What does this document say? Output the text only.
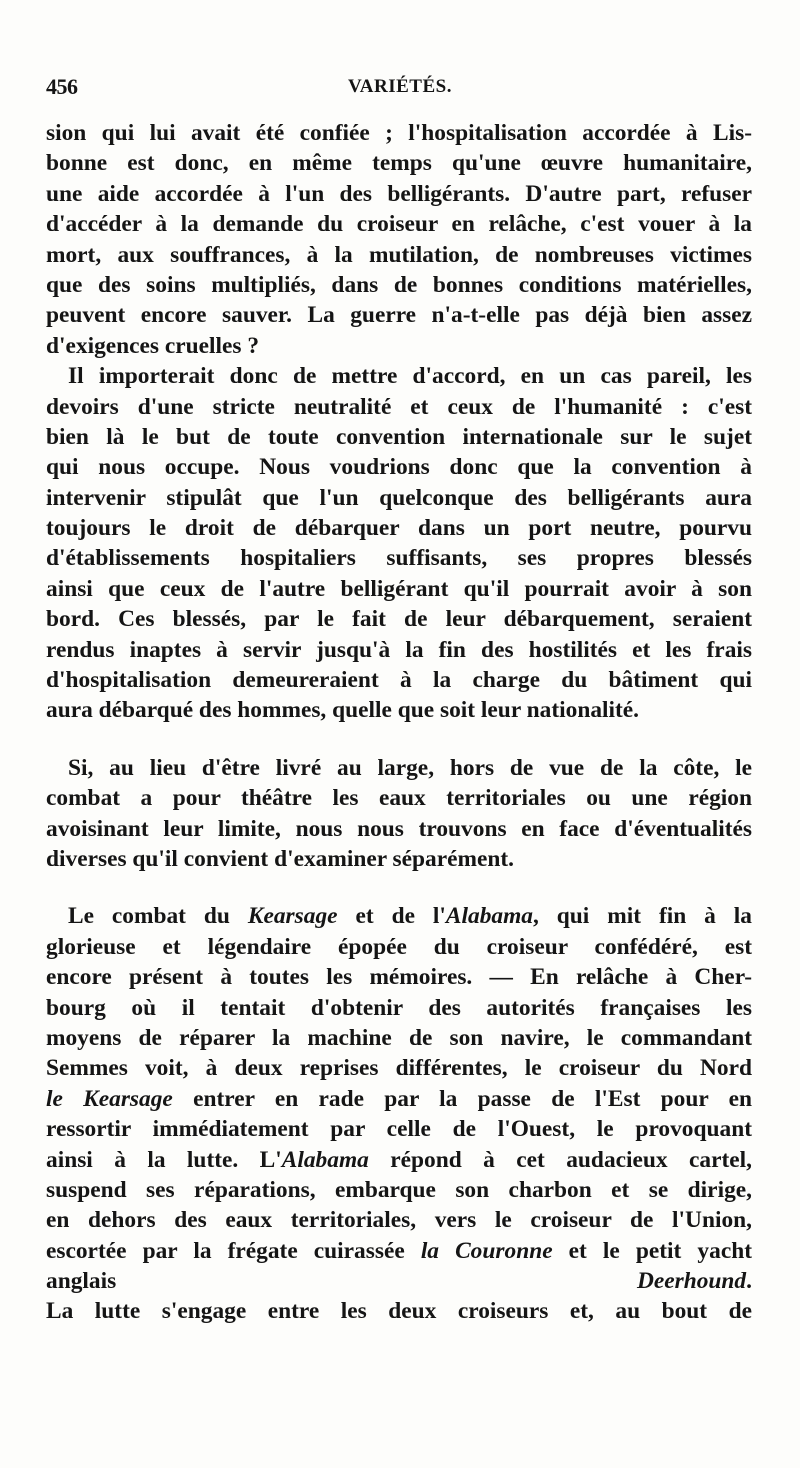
456	VARIÉTÉS.
sion qui lui avait été confiée ; l'hospitalisation accordée à Lis-
bonne est donc, en même temps qu'une œuvre humanitaire,
une aide accordée à l'un des belligérants. D'autre part, refuser
d'accéder à la demande du croiseur en relâche, c'est vouer à la
mort, aux souffrances, à la mutilation, de nombreuses victimes
que des soins multipliés, dans de bonnes conditions matérielles,
peuvent encore sauver. La guerre n'a-t-elle pas déjà bien assez
d'exigences cruelles ?
Il importerait donc de mettre d'accord, en un cas pareil, les
devoirs d'une stricte neutralité et ceux de l'humanité : c'est
bien là le but de toute convention internationale sur le sujet
qui nous occupe. Nous voudrions donc que la convention à
intervenir stipulât que l'un quelconque des belligérants aura
toujours le droit de débarquer dans un port neutre, pourvu
d'établissements hospitaliers suffisants, ses propres blessés
ainsi que ceux de l'autre belligérant qu'il pourrait avoir à son
bord. Ces blessés, par le fait de leur débarquement, seraient
rendus inaptes à servir jusqu'à la fin des hostilités et les frais
d'hospitalisation demeureraient à la charge du bâtiment qui
aura débarqué des hommes, quelle que soit leur nationalité.
Si, au lieu d'être livré au large, hors de vue de la côte, le
combat a pour théâtre les eaux territoriales ou une région
avoisinant leur limite, nous nous trouvons en face d'éventualités
diverses qu'il convient d'examiner séparément.
Le combat du Kearsage et de l'Alabama, qui mit fin à la
glorieuse et légendaire épopée du croiseur confédéré, est
encore présent à toutes les mémoires. — En relâche à Cher-
bourg où il tentait d'obtenir des autorités françaises les
moyens de réparer la machine de son navire, le commandant
Semmes voit, à deux reprises différentes, le croiseur du Nord
le Kearsage entrer en rade par la passe de l'Est pour en
ressortir immédiatement par celle de l'Ouest, le provoquant
ainsi à la lutte. L'Alabama répond à cet audacieux cartel,
suspend ses réparations, embarque son charbon et se dirige,
en dehors des eaux territoriales, vers le croiseur de l'Union,
escortée par la frégate cuirassée la Couronne et le petit yacht
anglais Deerhound.
La lutte s'engage entre les deux croiseurs et, au bout de
